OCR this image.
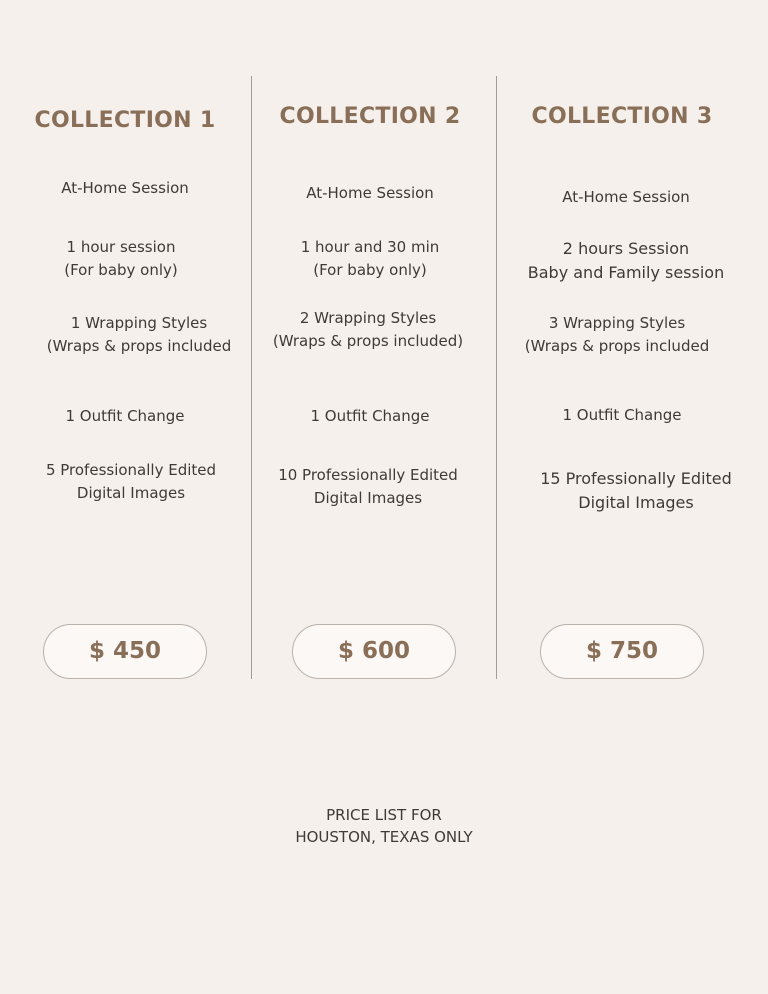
COLLECTION 1
At-Home Session
1 hour session
(For baby only)
1 Wrapping Styles
(Wraps & props included
1 Outfit Change
5 Professionally Edited
Digital Images
$ 450
COLLECTION 2
At-Home Session
1 hour and 30 min
(For baby only)
2 Wrapping Styles
(Wraps & props included)
1 Outfit Change
10 Professionally Edited
Digital Images
$ 600
COLLECTION 3
At-Home Session
2 hours Session
Baby and Family session
3 Wrapping Styles
(Wraps & props included
1 Outfit Change
15 Professionally Edited
Digital Images
$ 750
PRICE LIST FOR
HOUSTON, TEXAS ONLY
